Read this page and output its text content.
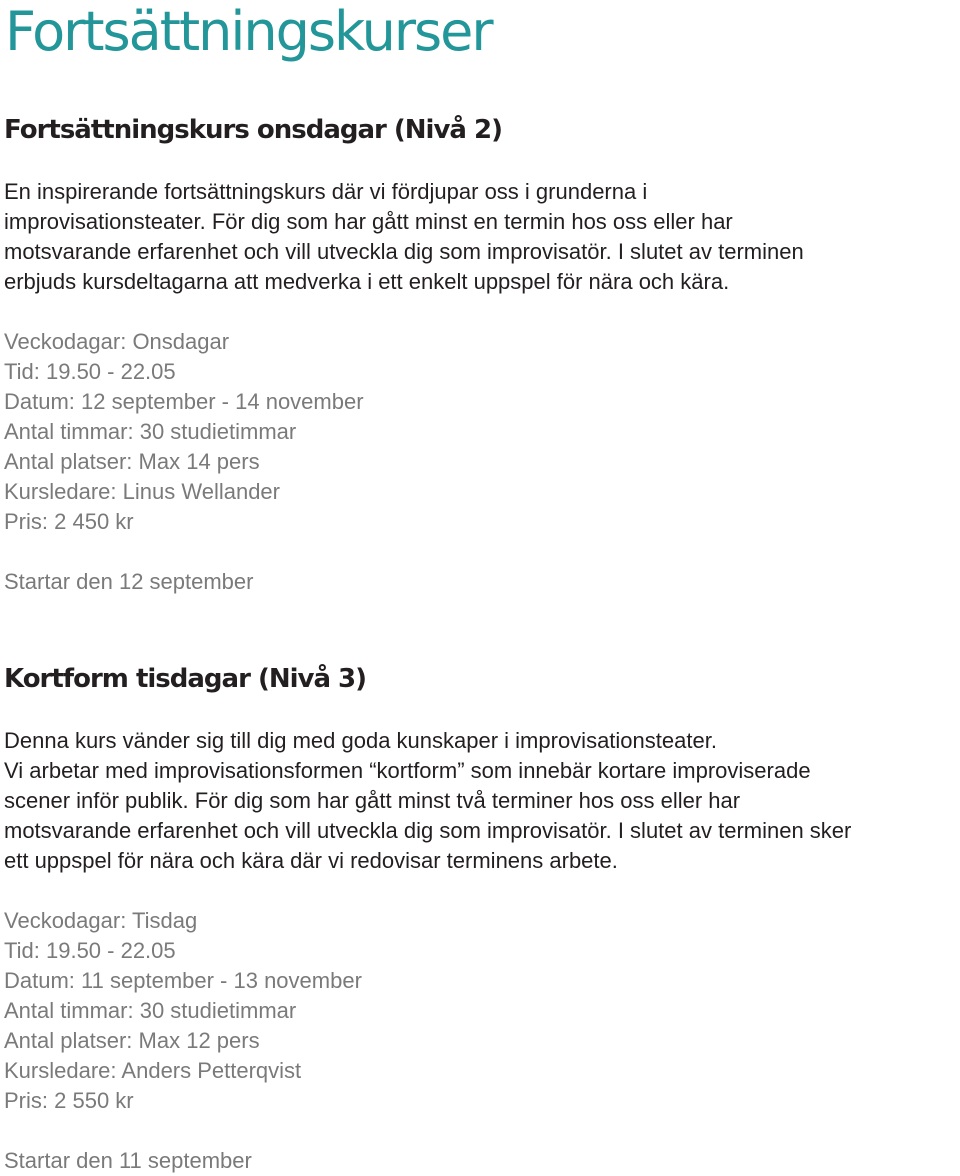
Fortsättningskurser
Fortsättningskurs onsdagar (Nivå 2)

En inspirerande fortsättningskurs där vi fördjupar oss i grunderna i
improvisationsteater. För dig som har gått minst en termin hos oss eller har
motsvarande erfarenhet och vill utveckla dig som improvisatör. I slutet av terminen
erbjuds kursdeltagarna att medverka i ett enkelt uppspel för nära och kära.

Veckodagar: Onsdagar
Tid: 19.50 - 22.05
Datum: 12 september - 14 november
Antal timmar: 30 studietimmar
Antal platser: Max 14 pers
Kursledare: Linus Wellander
Pris: 2 450 kr

Startar den 12 september

Kortform tisdagar (Nivå 3)

Denna kurs vänder sig till dig med goda kunskaper i improvisationsteater.
Vi arbetar med improvisationsformen “kortform” som innebär kortare improviserade
scener inför publik. För dig som har gått minst två terminer hos oss eller har
motsvarande erfarenhet och vill utveckla dig som improvisatör. I slutet av terminen sker
ett uppspel för nära och kära där vi redovisar terminens arbete.

Veckodagar: Tisdag
Tid: 19.50 - 22.05
Datum: 11 september - 13 november
Antal timmar: 30 studietimmar
Antal platser: Max 12 pers
Kursledare: Anders Petterqvist
Pris: 2 550 kr

Startar den 11 september
